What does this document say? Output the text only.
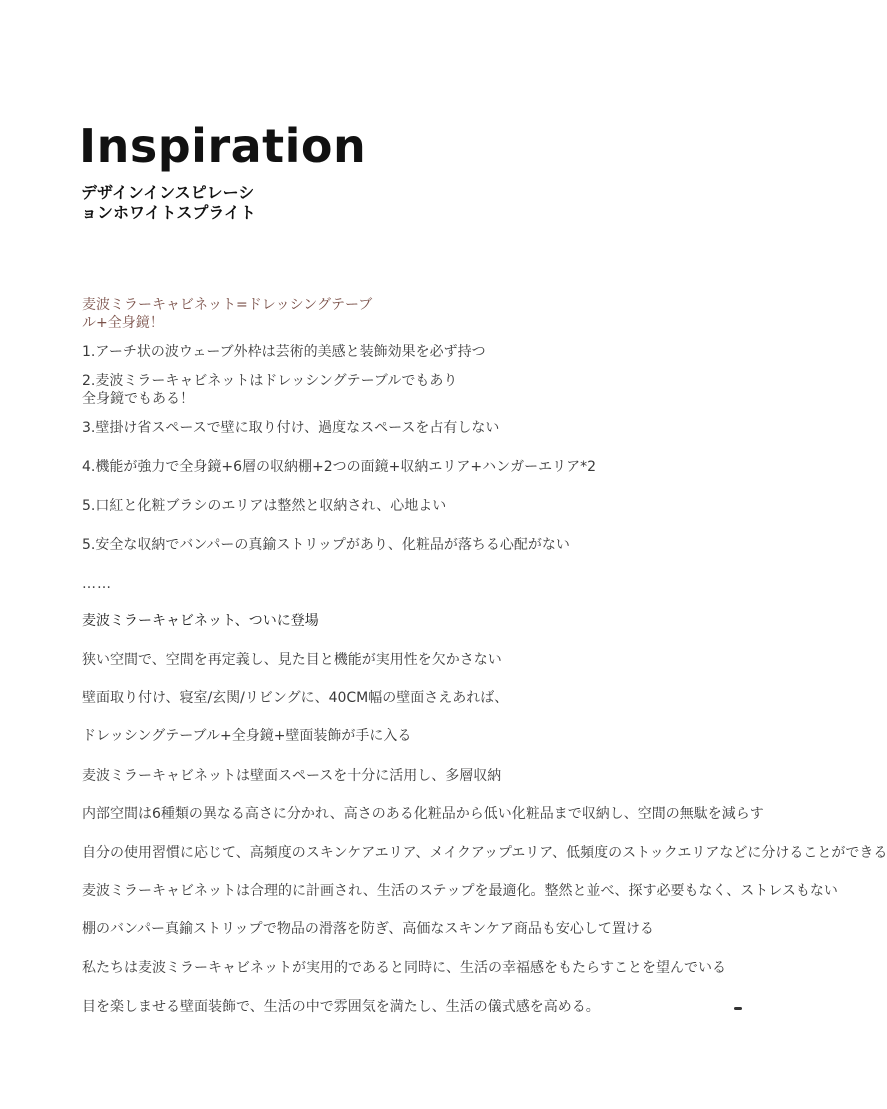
Inspiration
デザインインスピレーシ
ョンホワイトスプライト
麦波ミラーキャビネット=ドレッシングテーブ
ル+全身鏡！

1.アーチ状の波ウェーブ外枠は芸術的美感と装飾効果を必ず持つ

2.麦波ミラーキャビネットはドレッシングテーブルでもあり
全身鏡でもある！

3.壁掛け省スペースで壁に取り付け、過度なスペースを占有しない

4.機能が強力で全身鏡+6層の収納棚+2つの面鏡+収納エリア+ハンガーエリア*2

5.口紅と化粧ブラシのエリアは整然と収納され、心地よい

5.安全な収納でバンパーの真鍮ストリップがあり、化粧品が落ちる心配がない

……

麦波ミラーキャビネット、ついに登場

狭い空間で、空間を再定義し、見た目と機能が実用性を欠かさない

壁面取り付け、寝室/玄関/リビングに、40CM幅の壁面さえあれば、

ドレッシングテーブル+全身鏡+壁面装飾が手に入る

麦波ミラーキャビネットは壁面スペースを十分に活用し、多層収納

内部空間は6種類の異なる高さに分かれ、高さのある化粧品から低い化粧品まで収納し、空間の無駄を減らす

自分の使用習慣に応じて、高頻度のスキンケアエリア、メイクアップエリア、低頻度のストックエリアなどに分けることができる

麦波ミラーキャビネットは合理的に計画され、生活のステップを最適化。整然と並べ、探す必要もなく、ストレスもない

棚のバンパー真鍮ストリップで物品の滑落を防ぎ、高価なスキンケア商品も安心して置ける

私たちは麦波ミラーキャビネットが実用的であると同時に、生活の幸福感をもたらすことを望んでいる

目を楽しませる壁面装飾で、生活の中で雰囲気を満たし、生活の儀式感を高める。
